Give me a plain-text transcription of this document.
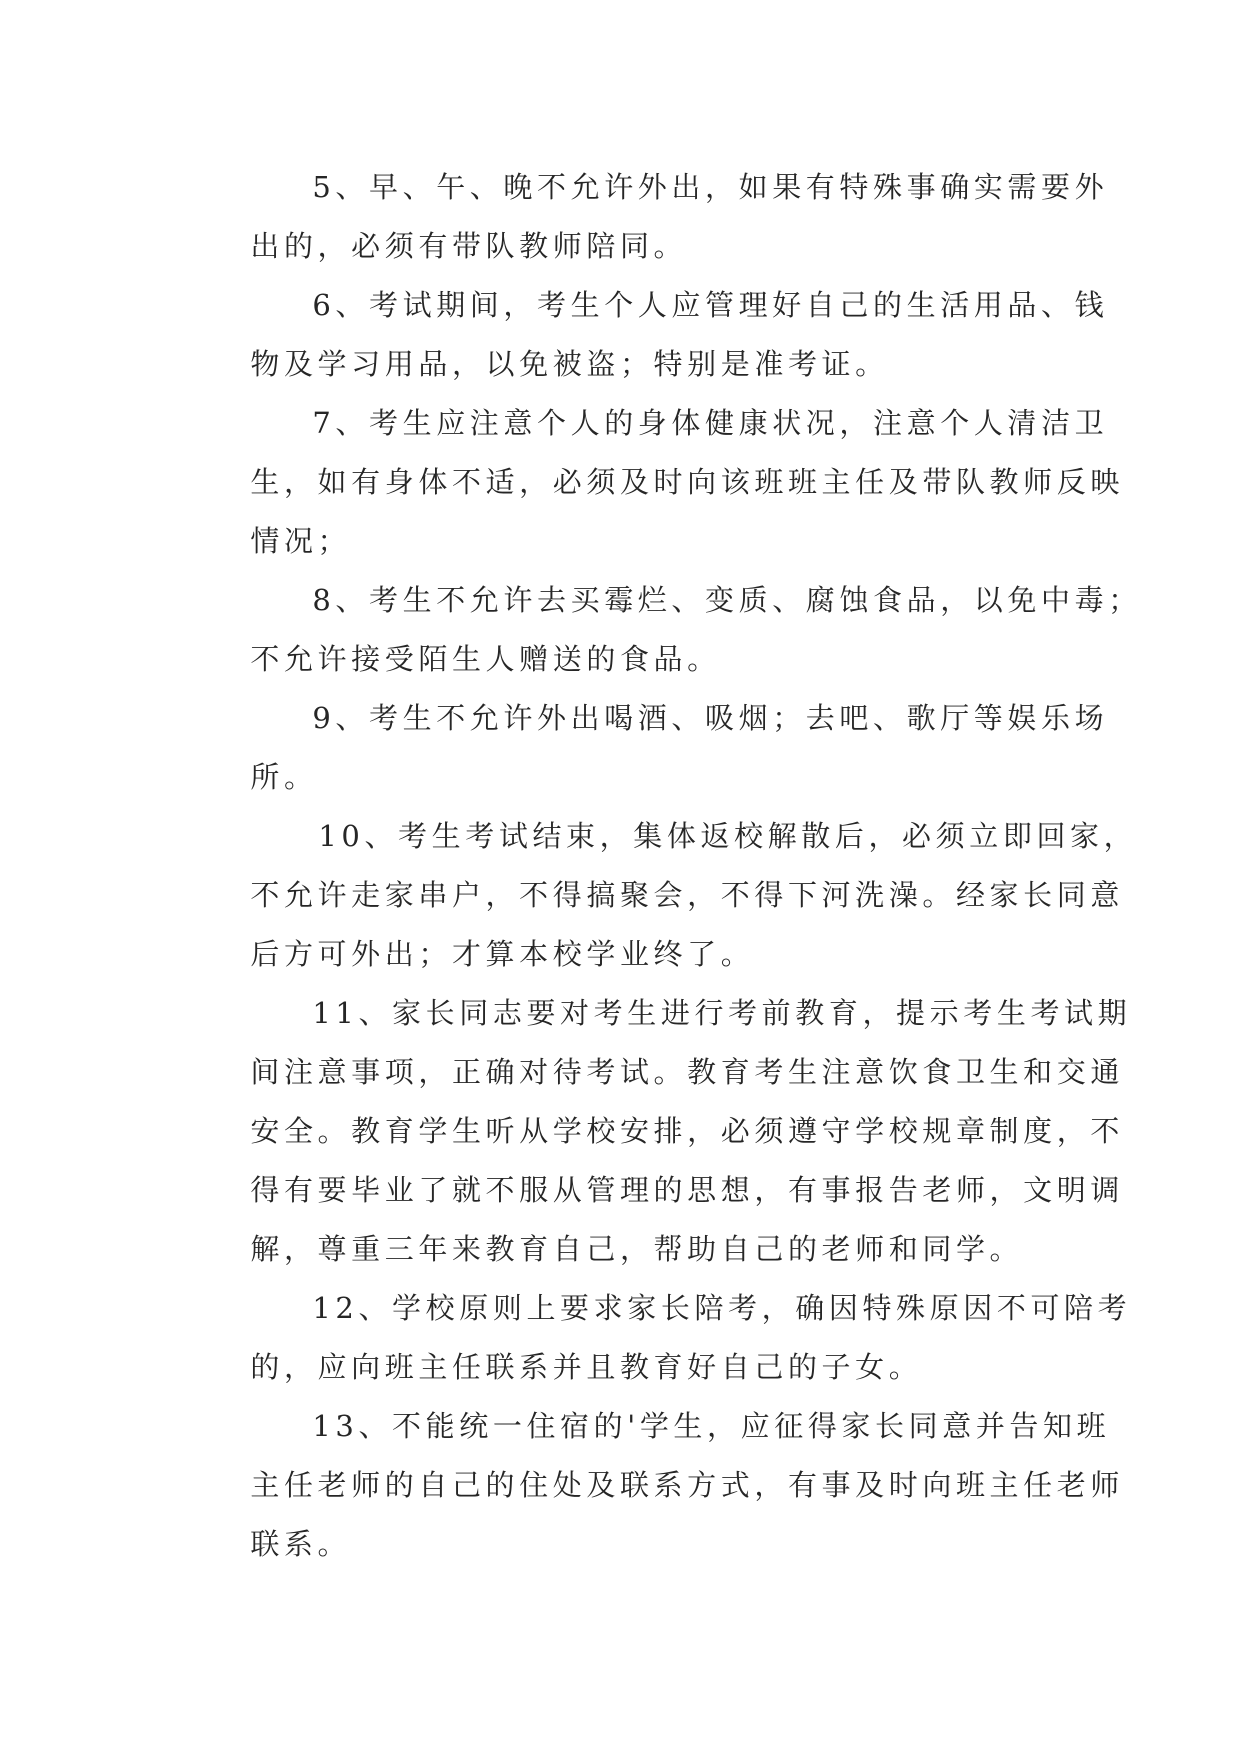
5、早、午、晚不允许外出，如果有特殊事确实需要外
出的，必须有带队教师陪同。
6、考试期间，考生个人应管理好自己的生活用品、钱
物及学习用品，以免被盗；特别是准考证。
7、考生应注意个人的身体健康状况，注意个人清洁卫
生，如有身体不适，必须及时向该班班主任及带队教师反映
情况；
8、考生不允许去买霉烂、变质、腐蚀食品，以免中毒；
不允许接受陌生人赠送的食品。
9、考生不允许外出喝酒、吸烟；去吧、歌厅等娱乐场
所。
10、考生考试结束，集体返校解散后，必须立即回家，
不允许走家串户，不得搞聚会，不得下河洗澡。经家长同意
后方可外出；才算本校学业终了。
11、家长同志要对考生进行考前教育，提示考生考试期
间注意事项，正确对待考试。教育考生注意饮食卫生和交通
安全。教育学生听从学校安排，必须遵守学校规章制度，不
得有要毕业了就不服从管理的思想，有事报告老师，文明调
解，尊重三年来教育自己，帮助自己的老师和同学。
12、学校原则上要求家长陪考，确因特殊原因不可陪考
的，应向班主任联系并且教育好自己的子女。
13、不能统一住宿的'学生，应征得家长同意并告知班
主任老师的自己的住处及联系方式，有事及时向班主任老师
联系。
